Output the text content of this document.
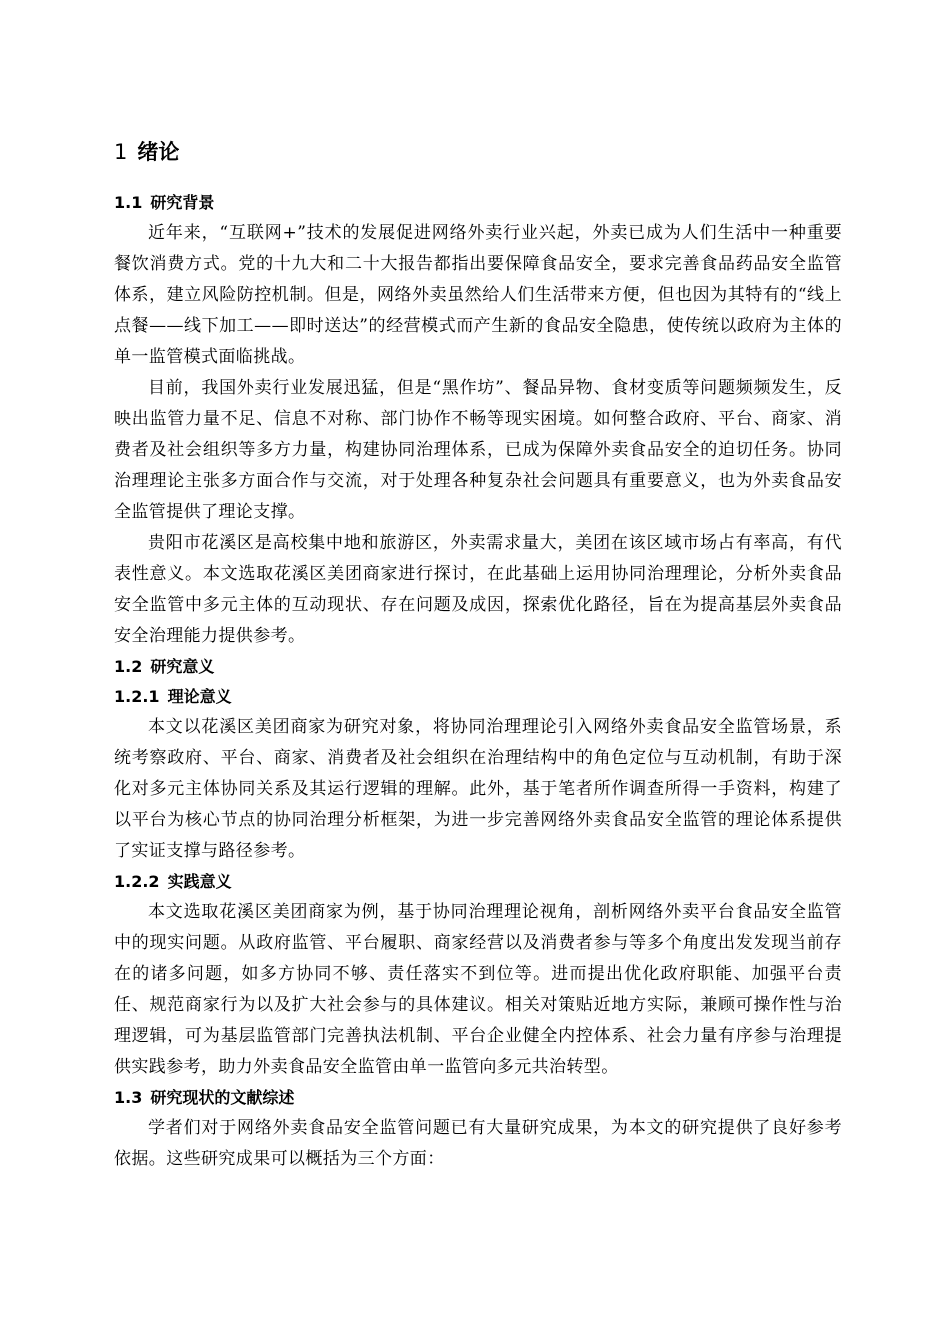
1 绪论
1.1 研究背景

近年来，“互联网+”技术的发展促进网络外卖行业兴起，外卖已成为人们生活中一种重要餐饮消费方式。党的十九大和二十大报告都指出要保障食品安全，要求完善食品药品安全监管体系，建立风险防控机制。但是，网络外卖虽然给人们生活带来方便，但也因为其特有的“线上点餐——线下加工——即时送达”的经营模式而产生新的食品安全隐患，使传统以政府为主体的单一监管模式面临挑战。

目前，我国外卖行业发展迅猛，但是“黑作坊”、餐品异物、食材变质等问题频频发生，反映出监管力量不足、信息不对称、部门协作不畅等现实困境。如何整合政府、平台、商家、消费者及社会组织等多方力量，构建协同治理体系，已成为保障外卖食品安全的迫切任务。协同治理理论主张多方面合作与交流，对于处理各种复杂社会问题具有重要意义，也为外卖食品安全监管提供了理论支撑。

贵阳市花溪区是高校集中地和旅游区，外卖需求量大，美团在该区域市场占有率高，有代表性意义。本文选取花溪区美团商家进行探讨，在此基础上运用协同治理理论，分析外卖食品安全监管中多元主体的互动现状、存在问题及成因，探索优化路径，旨在为提高基层外卖食品安全治理能力提供参考。

1.2 研究意义
1.2.1 理论意义

本文以花溪区美团商家为研究对象，将协同治理理论引入网络外卖食品安全监管场景，系统考察政府、平台、商家、消费者及社会组织在治理结构中的角色定位与互动机制，有助于深化对多元主体协同关系及其运行逻辑的理解。此外，基于笔者所作调查所得一手资料，构建了以平台为核心节点的协同治理分析框架，为进一步完善网络外卖食品安全监管的理论体系提供了实证支撑与路径参考。

1.2.2 实践意义

本文选取花溪区美团商家为例，基于协同治理理论视角，剖析网络外卖平台食品安全监管中的现实问题。从政府监管、平台履职、商家经营以及消费者参与等多个角度出发发现当前存在的诸多问题，如多方协同不够、责任落实不到位等。进而提出优化政府职能、加强平台责任、规范商家行为以及扩大社会参与的具体建议。相关对策贴近地方实际，兼顾可操作性与治理逻辑，可为基层监管部门完善执法机制、平台企业健全内控体系、社会力量有序参与治理提供实践参考，助力外卖食品安全监管由单一监管向多元共治转型。

1.3 研究现状的文献综述

学者们对于网络外卖食品安全监管问题已有大量研究成果，为本文的研究提供了良好参考依据。这些研究成果可以概括为三个方面：
